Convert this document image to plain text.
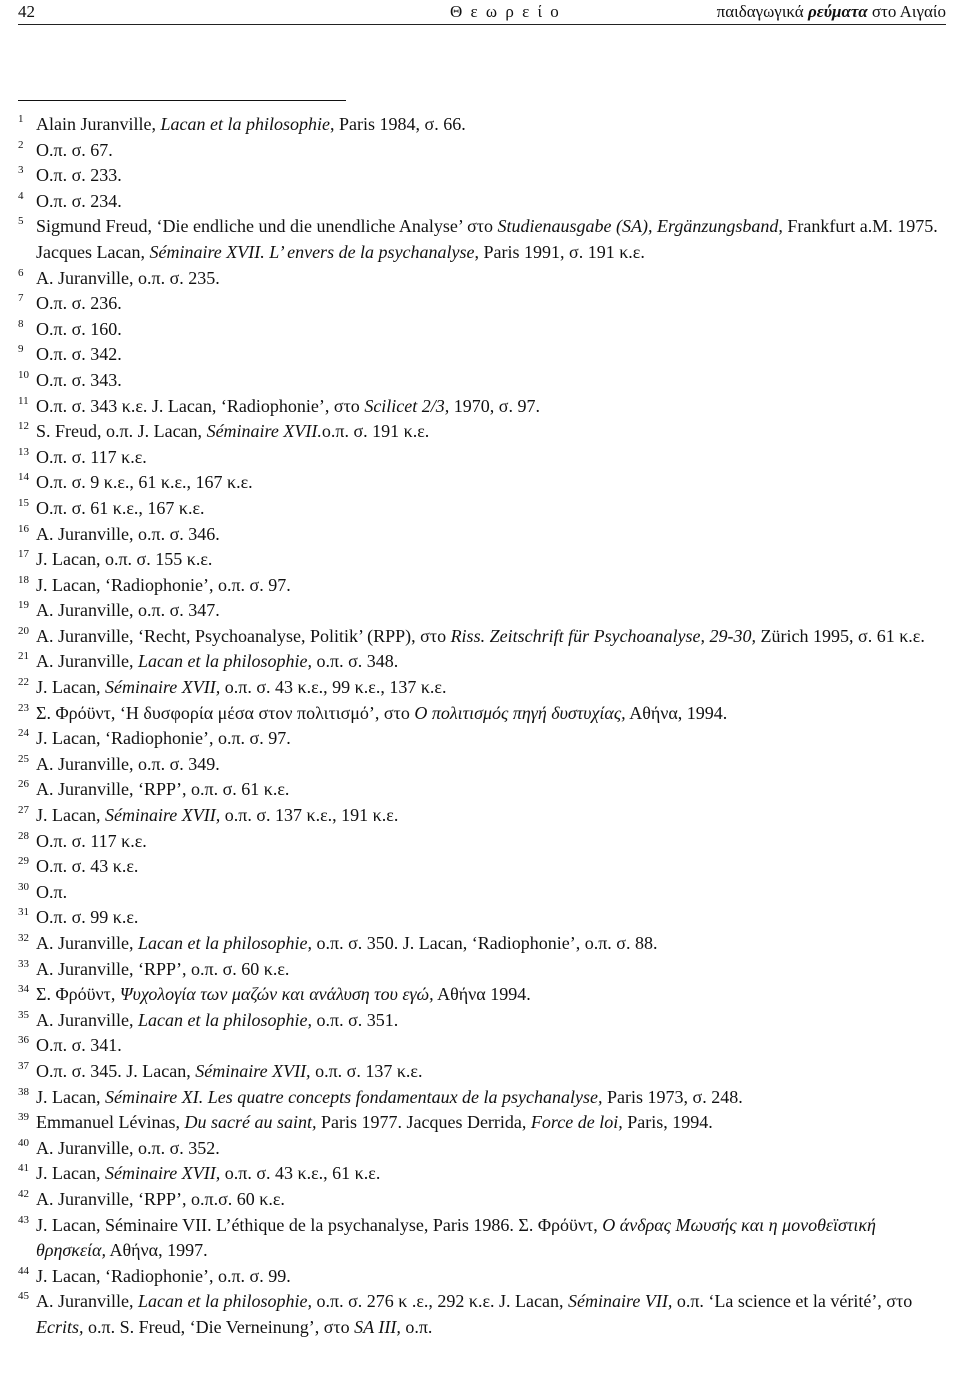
42	Θ ε ω ρ ε ί ο	παιδαγωγικά ρεύματα στο Αιγαίο
1 Alain Juranville, Lacan et la philosophie, Paris 1984, σ. 66.
2 Ο.π. σ. 67.
3 Ο.π. σ. 233.
4 Ο.π. σ. 234.
5 Sigmund Freud, ‘Die endliche und die unendliche Analyse’ στο Studienausgabe (SA), Ergänzungsband, Frankfurt a.M. 1975. Jacques Lacan, Séminaire XVII. L’ envers de la psychanalyse, Paris 1991, σ. 191 κ.ε.
6 A. Juranville, ο.π. σ. 235.
7 Ο.π. σ. 236.
8 Ο.π. σ. 160.
9 Ο.π. σ. 342.
10 Ο.π. σ. 343.
11 Ο.π. σ. 343 κ.ε. J. Lacan, ‘Radiophonie’, στο Scilicet 2/3, 1970, σ. 97.
12 S. Freud, ο.π. J. Lacan, Séminaire XVII.ο.π. σ. 191 κ.ε.
13 Ο.π. σ. 117 κ.ε.
14 Ο.π. σ. 9 κ.ε., 61 κ.ε., 167 κ.ε.
15 Ο.π. σ. 61 κ.ε., 167 κ.ε.
16 A. Juranville, ο.π. σ. 346.
17 J. Lacan, ο.π. σ. 155 κ.ε.
18 J. Lacan, ‘Radiophonie’, ο.π. σ. 97.
19 A. Juranville, ο.π. σ. 347.
20 A. Juranville, ‘Recht, Psychoanalyse, Politik’ (RPP), στο Riss. Zeitschrift für Psychoanalyse, 29-30, Zürich 1995, σ. 61 κ.ε.
21 A. Juranville, Lacan et la philosophie, ο.π. σ. 348.
22 J. Lacan, Séminaire XVII, ο.π. σ. 43 κ.ε., 99 κ.ε., 137 κ.ε.
23 Σ. Φρόϋντ, ‘Η δυσφορία μέσα στον πολιτισμό’, στο Ο πολιτισμός πηγή δυστυχίας, Αθήνα, 1994.
24 J. Lacan, ‘Radiophonie’, ο.π. σ. 97.
25 A. Juranville, ο.π. σ. 349.
26 A. Juranville, ‘RPP’, ο.π. σ. 61 κ.ε.
27 J. Lacan, Séminaire XVII, ο.π. σ. 137 κ.ε., 191 κ.ε.
28 Ο.π. σ. 117 κ.ε.
29 Ο.π. σ. 43 κ.ε.
30 Ο.π.
31 Ο.π. σ. 99 κ.ε.
32 A. Juranville, Lacan et la philosophie, ο.π. σ. 350. J. Lacan, ‘Radiophonie’, ο.π. σ. 88.
33 A. Juranville, ‘RPP’, ο.π. σ. 60 κ.ε.
34 Σ. Φρόϋντ, Ψυχολογία των μαζών και ανάλυση του εγώ, Αθήνα 1994.
35 A. Juranville, Lacan et la philosophie, ο.π. σ. 351.
36 Ο.π. σ. 341.
37 Ο.π. σ. 345. J. Lacan, Séminaire XVII, ο.π. σ. 137 κ.ε.
38 J. Lacan, Séminaire XI. Les quatre concepts fondamentaux de la psychanalyse, Paris 1973, σ. 248.
39 Emmanuel Lévinas, Du sacré au saint, Paris 1977. Jacques Derrida, Force de loi, Paris, 1994.
40 A. Juranville, ο.π. σ. 352.
41 J. Lacan, Séminaire XVII, ο.π. σ. 43 κ.ε., 61 κ.ε.
42 A. Juranville, ‘RPP’, ο.π.σ. 60 κ.ε.
43 J. Lacan, Séminaire VII. L’éthique de la psychanalyse, Paris 1986. Σ. Φρόϋντ, Ο άνδρας Μωυσής και η μονοθεϊστική θρησκεία, Αθήνα, 1997.
44 J. Lacan, ‘Radiophonie’, ο.π. σ. 99.
45 A. Juranville, Lacan et la philosophie, ο.π. σ. 276 κ .ε., 292 κ.ε. J. Lacan, Séminaire VII, ο.π. ‘La science et la vérité’, στο Ecrits, ο.π. S. Freud, ‘Die Verneinung’, στο SA III, ο.π.
